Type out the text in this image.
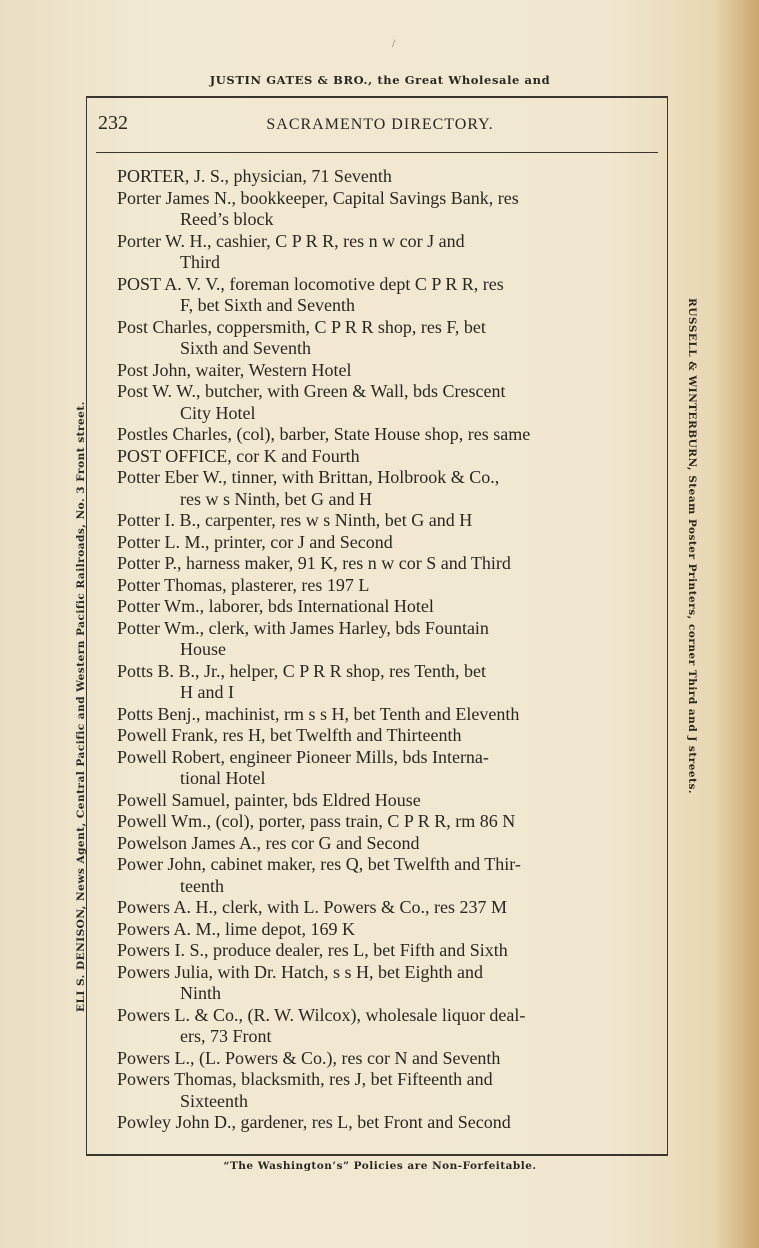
/
JUSTIN GATES & BRO., the Great Wholesale and
232	SACRAMENTO DIRECTORY.
ELI S. DENISON, News Agent, Central Pacific and Western Pacific Railroads, No. 3 Front street.	RUSSELL & WINTERBURN, Steam Poster Printers, corner Third and J streets.
PORTER, J. S., physician, 71 Seventh
Porter James N., bookkeeper, Capital Savings Bank, res
Reed’s block
Porter W. H., cashier, C P R R, res n w cor J and
Third
POST A. V. V., foreman locomotive dept C P R R, res
F, bet Sixth and Seventh
Post Charles, coppersmith, C P R R shop, res F, bet
Sixth and Seventh
Post John, waiter, Western Hotel
Post W. W., butcher, with Green & Wall, bds Crescent
City Hotel
Postles Charles, (col), barber, State House shop, res same
POST OFFICE, cor K and Fourth
Potter Eber W., tinner, with Brittan, Holbrook & Co.,
res w s Ninth, bet G and H
Potter I. B., carpenter, res w s Ninth, bet G and H
Potter L. M., printer, cor J and Second
Potter P., harness maker, 91 K, res n w cor S and Third
Potter Thomas, plasterer, res 197 L
Potter Wm., laborer, bds International Hotel
Potter Wm., clerk, with James Harley, bds Fountain
House
Potts B. B., Jr., helper, C P R R shop, res Tenth, bet
H and I
Potts Benj., machinist, rm s s H, bet Tenth and Eleventh
Powell Frank, res H, bet Twelfth and Thirteenth
Powell Robert, engineer Pioneer Mills, bds Interna-
tional Hotel
Powell Samuel, painter, bds Eldred House
Powell Wm., (col), porter, pass train, C P R R, rm 86 N
Powelson James A., res cor G and Second
Power John, cabinet maker, res Q, bet Twelfth and Thir-
teenth
Powers A. H., clerk, with L. Powers & Co., res 237 M
Powers A. M., lime depot, 169 K
Powers I. S., produce dealer, res L, bet Fifth and Sixth
Powers Julia, with Dr. Hatch, s s H, bet Eighth and
Ninth
Powers L. & Co., (R. W. Wilcox), wholesale liquor deal-
ers, 73 Front
Powers L., (L. Powers & Co.), res cor N and Seventh
Powers Thomas, blacksmith, res J, bet Fifteenth and
Sixteenth
Powley John D., gardener, res L, bet Front and Second
“The Washington’s” Policies are Non-Forfeitable.
